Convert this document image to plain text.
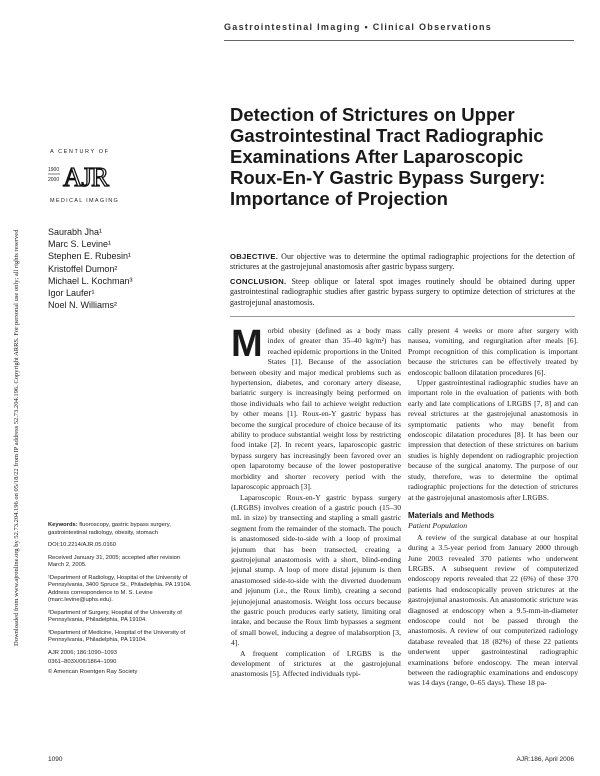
Downloaded from www.ajronline.org by 52.73.204.196 on 05/18/22 from IP address 52.73.204.196. Copyright ARRS. For personal use only; all rights reserved
Gastrointestinal Imaging • Clinical Observations
Detection of Strictures on Upper Gastrointestinal Tract Radiographic Examinations After Laparoscopic Roux-En-Y Gastric Bypass Surgery: Importance of Projection
A CENTURY OF
1900
2000 AJR
MEDICAL IMAGING
Saurabh Jha¹
Marc S. Levine¹
Stephen E. Rubesin¹
Kristoffel Dumon²
Michael L. Kochman³
Igor Laufer¹
Noel N. Williams²

OBJECTIVE. Our objective was to determine the optimal radiographic projections for the detection of strictures at the gastrojejunal anastomosis after gastric bypass surgery.

CONCLUSION. Steep oblique or lateral spot images routinely should be obtained during upper gastrointestinal radiographic studies after gastric bypass surgery to optimize detection of strictures at the gastrojejunal anastomosis.

Keywords: fluoroscopy, gastric bypass surgery, gastrointestinal radiology, obesity, stomach

DOI:10.2214/AJR.05.0160

Received January 31, 2005; accepted after revision March 2, 2005.

¹Department of Radiology, Hospital of the University of Pennsylvania, 3400 Spruce St., Philadelphia, PA 19104. Address correspondence to M. S. Levine (marc.levine@uphs.edu).

²Department of Surgery, Hospital of the University of Pennsylvania, Philadelphia, PA 19104.

³Department of Medicine, Hospital of the University of Pennsylvania, Philadelphia, PA 19104.

AJR 2006; 186:1090–1093

0361–803X/06/1864–1090

© American Roentgen Ray Society

Morbid obesity (defined as a body mass index of greater than 35–40 kg/m²) has reached epidemic proportions in the United States [1]. Because of the association between obesity and major medical problems such as hypertension, diabetes, and coronary artery disease, bariatric surgery is increasingly being performed on those individuals who fail to achieve weight reduction by other means [1]. Roux-en-Y gastric bypass has become the surgical procedure of choice because of its ability to produce substantial weight loss by restricting food intake [2]. In recent years, laparoscopic gastric bypass surgery has increasingly been favored over an open laparotomy because of the lower postoperative morbidity and shorter recovery period with the laparoscopic approach [3].

Laparoscopic Roux-en-Y gastric bypass surgery (LRGBS) involves creation of a gastric pouch (15–30 mL in size) by transecting and stapling a small gastric segment from the remainder of the stomach. The pouch is anastomosed side-to-side with a loop of proximal jejunum that has been transected, creating a gastrojejunal anastomosis with a short, blind-ending jejunal stump. A loop of more distal jejunum is then anastomosed side-to-side with the diverted duodenum and jejunum (i.e., the Roux limb), creating a second jejunojejunal anastomosis. Weight loss occurs because the gastric pouch produces early satiety, limiting oral intake, and because the Roux limb bypasses a segment of small bowel, inducing a degree of malabsorption [3, 4].

A frequent complication of LRGBS is the development of strictures at the gastrojejunal anastomosis [5]. Affected individuals typi-

cally present 4 weeks or more after surgery with nausea, vomiting, and regurgitation after meals [6]. Prompt recognition of this complication is important because the strictures can be effectively treated by endoscopic balloon dilatation procedures [6].

Upper gastrointestinal radiographic studies have an important role in the evaluation of patients with both early and late complications of LRGBS [7, 8] and can reveal strictures at the gastrojejunal anastomosis in symptomatic patients who may benefit from endoscopic dilatation procedures [8]. It has been our impression that detection of these strictures on barium studies is highly dependent on radiographic projection because of the surgical anatomy. The purpose of our study, therefore, was to determine the optimal radiographic projections for the detection of strictures at the gastrojejunal anastomosis after LRGBS.

Materials and Methods
Patient Population

A review of the surgical database at our hospital during a 3.5-year period from January 2000 through June 2003 revealed 370 patients who underwent LRGBS. A subsequent review of computerized endoscopy reports revealed that 22 (6%) of these 370 patients had endoscopically proven strictures at the gastrojejunal anastomosis. An anastomotic stricture was diagnosed at endoscopy when a 9.5-mm-in-diameter endoscope could not be passed through the anastomosis. A review of our computerized radiology database revealed that 18 (82%) of these 22 patients underwent upper gastrointestinal radiographic examinations before endoscopy. The mean interval between the radiographic examinations and endoscopy was 14 days (range, 0–65 days). These 18 pa-

1090	AJR:186, April 2006
